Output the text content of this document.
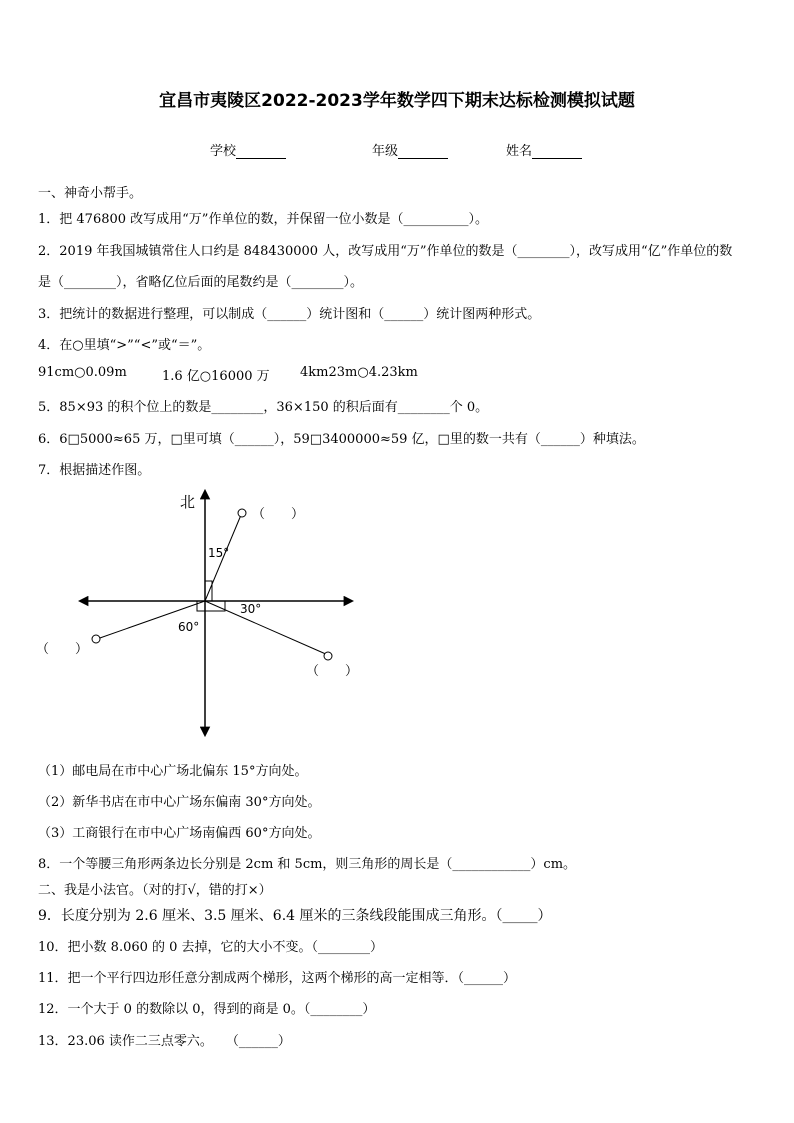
宜昌市夷陵区2022-2023学年数学四下期末达标检测模拟试题
学校	年级	姓名
一、神奇小帮手。
1．把 476800 改写成用“万”作单位的数，并保留一位小数是（__________）。
2．2019 年我国城镇常住人口约是 848430000 人，改写成用“万”作单位的数是（________），改写成用“亿”作单位的数
是（________），省略亿位后面的尾数约是（________）。
3．把统计的数据进行整理，可以制成（______）统计图和（______）统计图两种形式。
4．在○里填“>”“<”或“＝”。
91cm○0.09m	1.6 亿○16000 万 4km23m○4.23km
5．85×93 的积个位上的数是________，36×150 的积后面有________个 0。
6．6□5000≈65 万，□里可填（______），59□3400000≈59 亿，□里的数一共有（______）种填法。
7．根据描述作图。
北
（　　）
15°
（　　）
30°
（　　）
60°
（1）邮电局在市中心广场北偏东 15°方向处。
（2）新华书店在市中心广场东偏南 30°方向处。
（3）工商银行在市中心广场南偏西 60°方向处。
8．一个等腰三角形两条边长分别是 2cm 和 5cm，则三角形的周长是（____________）cm。
二、我是小法官。（对的打√，错的打×）
9．长度分别为 2.6 厘米、3.5 厘米、6.4 厘米的三条线段能围成三角形。（_____）
10．把小数 8.060 的 0 去掉，它的大小不变。（________）
11．把一个平行四边形任意分割成两个梯形，这两个梯形的高一定相等．（______）
12．一个大于 0 的数除以 0，得到的商是 0。（________）
13．23.06 读作二三点零六。　　（______）
